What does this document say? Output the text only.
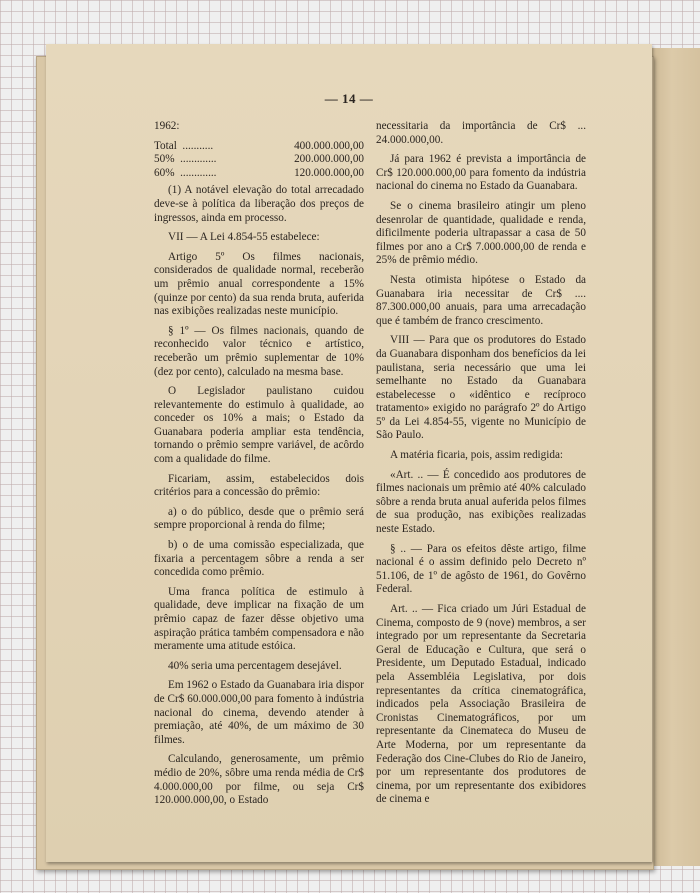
— 14 —

1962:

Total  ...........	400.000.000,00
50%  .............	200.000.000,00
60%  .............	120.000.000,00

(1) A notável elevação do total arrecadado deve-se à política da liberação dos preços de ingressos, ainda em processo.

VII — A Lei 4.854-55 estabelece:

Artigo 5º Os filmes nacionais, considerados de qualidade normal, receberão um prêmio anual correspondente a 15% (quinze por cento) da sua renda bruta, auferida nas exibições realizadas neste município.

§ 1º — Os filmes nacionais, quando de reconhecido valor técnico e artístico, receberão um prêmio suplementar de 10% (dez por cento), calculado na mesma base.

O Legislador paulistano cuidou relevantemente do estimulo à qualidade, ao conceder os 10% a mais; o Estado da Guanabara poderia ampliar esta tendência, tornando o prêmio sempre variável, de acôrdo com a qualidade do filme.

Ficariam, assim, estabelecidos dois critérios para a concessão do prêmio:

a) o do público, desde que o prêmio será sempre proporcional à renda do filme;

b) o de uma comissão especializada, que fixaria a percentagem sôbre a renda a ser concedida como prêmio.

Uma franca política de estimulo à qualidade, deve implicar na fixação de um prêmio capaz de fazer dêsse objetivo uma aspiração prática também compensadora e não meramente uma atitude estóica.

40% seria uma percentagem desejável.

Em 1962 o Estado da Guanabara iria dispor de Cr$ 60.000.000,00 para fomento à indústria nacional do cinema, devendo atender à premiação, até 40%, de um máximo de 30 filmes.

Calculando, generosamente, um prêmio médio de 20%, sôbre uma renda média de Cr$ 4.000.000,00 por filme, ou seja Cr$ 120.000.000,00, o Estado

necessitaria da importância de Cr$ ... 24.000.000,00.

Já para 1962 é prevista a importância de Cr$ 120.000.000,00 para fomento da indústria nacional do cinema no Estado da Guanabara.

Se o cinema brasileiro atingir um pleno desenrolar de quantidade, qualidade e renda, dificilmente poderia ultrapassar a casa de 50 filmes por ano a Cr$ 7.000.000,00 de renda e 25% de prêmio médio.

Nesta otimista hipótese o Estado da Guanabara iria necessitar de Cr$ .... 87.300.000,00 anuais, para uma arrecadação que é também de franco crescimento.

VIII — Para que os produtores do Estado da Guanabara disponham dos benefícios da lei paulistana, seria necessário que uma lei semelhante no Estado da Guanabara estabelecesse o «idêntico e recíproco tratamento» exigido no parágrafo 2º do Artigo 5º da Lei 4.854-55, vigente no Município de São Paulo.

A matéria ficaria, pois, assim redigida:

«Art. .. — É concedido aos produtores de filmes nacionais um prêmio até 40% calculado sôbre a renda bruta anual auferida pelos filmes de sua produção, nas exibições realizadas neste Estado.

§ .. — Para os efeitos dêste artigo, filme nacional é o assim definido pelo Decreto nº 51.106, de 1º de agôsto de 1961, do Govêrno Federal.

Art. .. — Fica criado um Júri Estadual de Cinema, composto de 9 (nove) membros, a ser integrado por um representante da Secretaria Geral de Educação e Cultura, que será o Presidente, um Deputado Estadual, indicado pela Assembléia Legislativa, por dois representantes da crítica cinematográfica, indicados pela Associação Brasileira de Cronistas Cinematográficos, por um representante da Cinemateca do Museu de Arte Moderna, por um representante da Federação dos Cine-Clubes do Rio de Janeiro, por um representante dos produtores de cinema, por um representante dos exibidores de cinema e
